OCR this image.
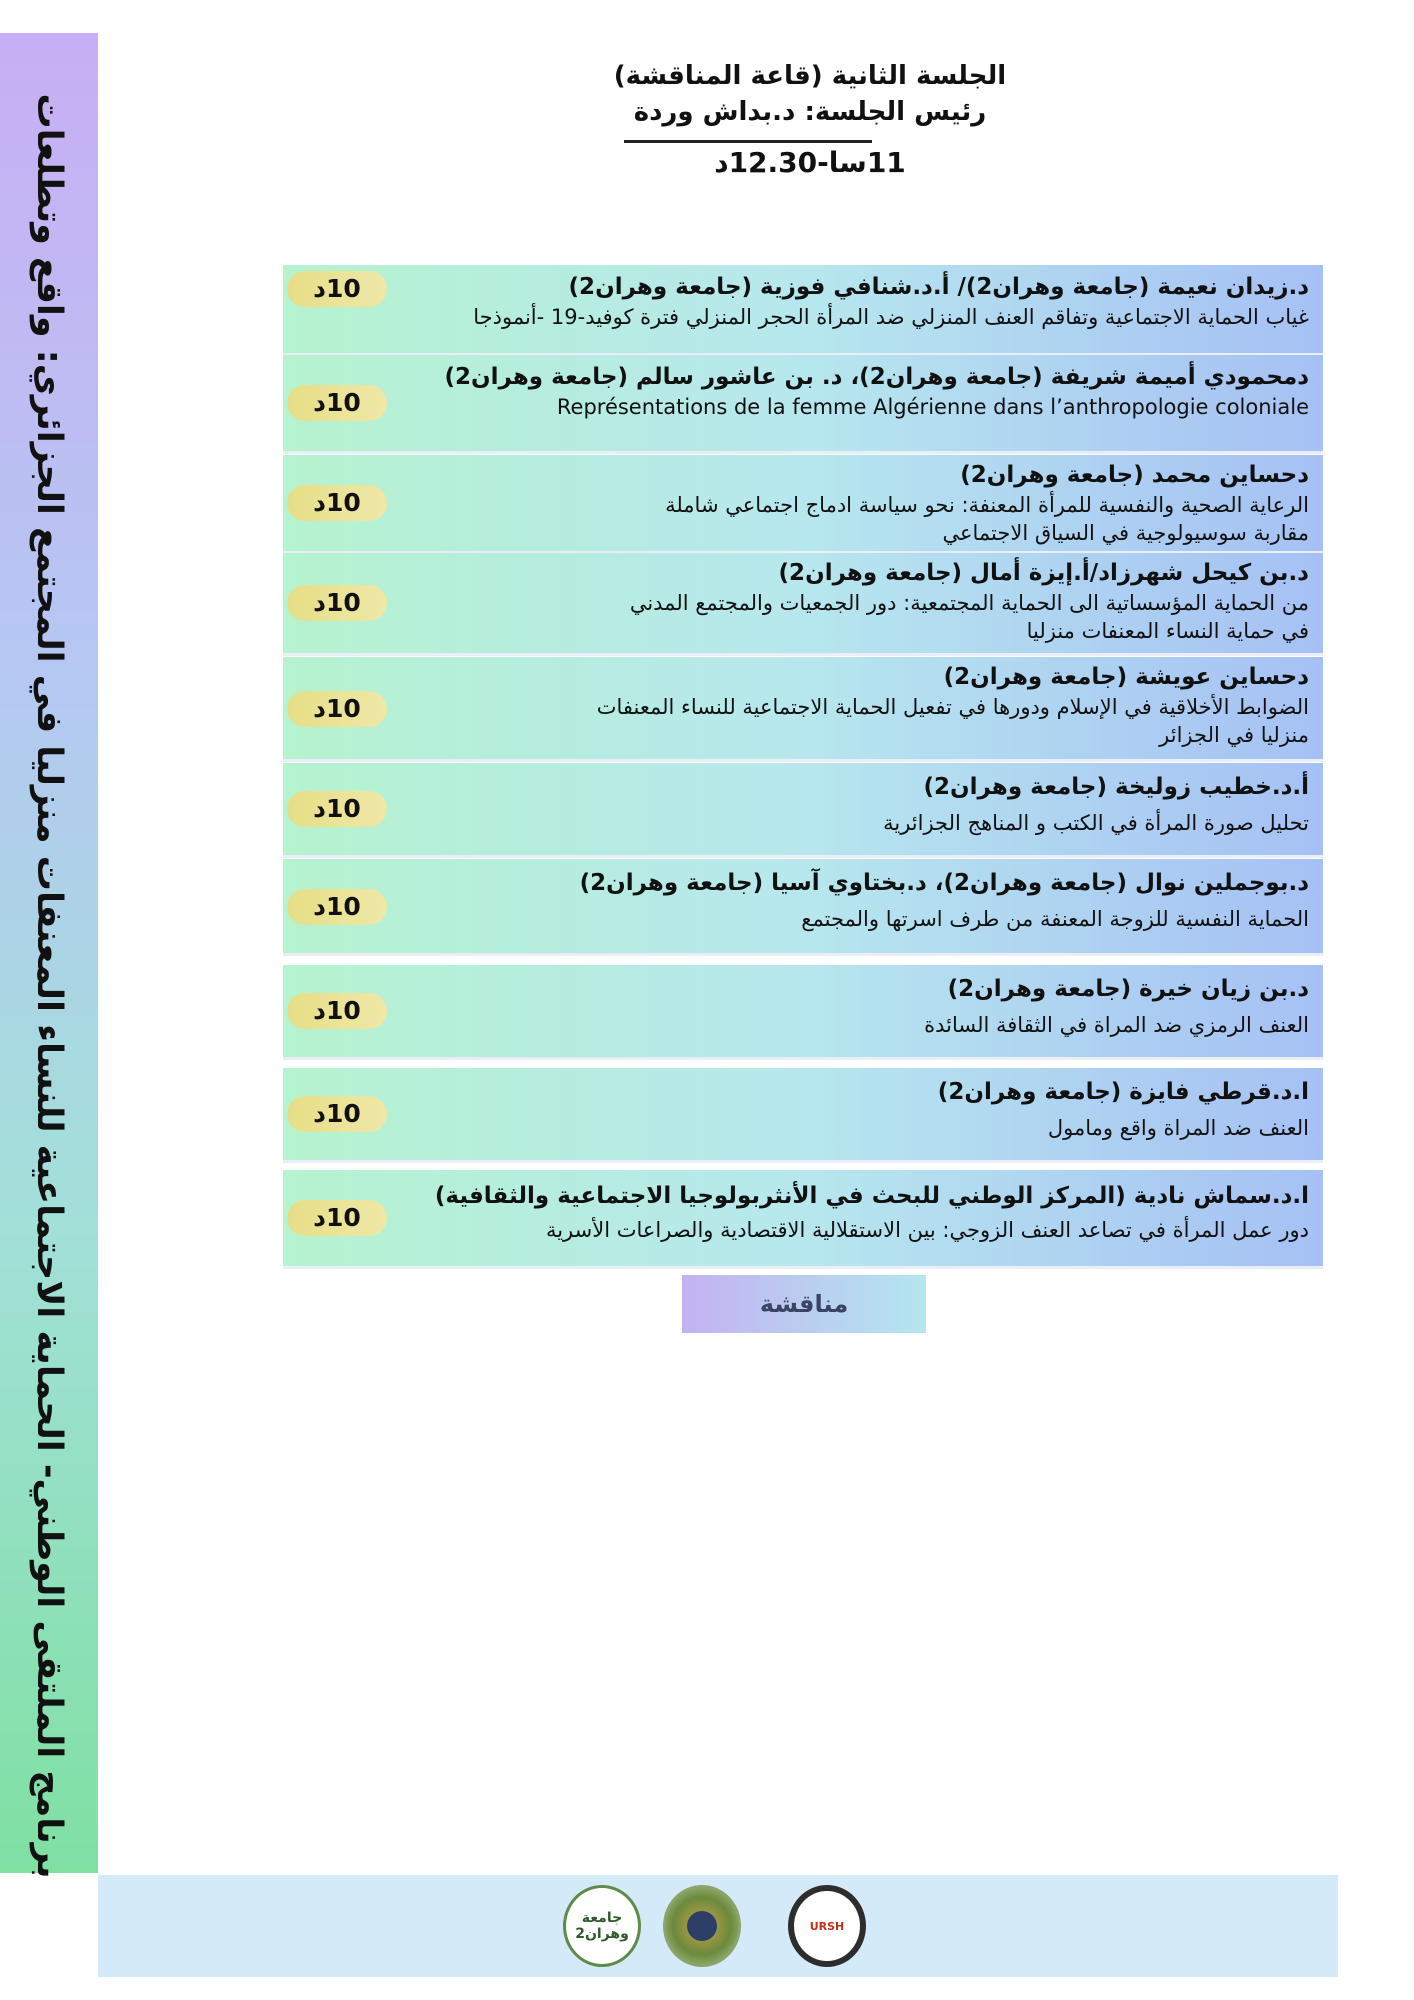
برنامج الملتقى الوطني- الحماية الاجتماعية للنساء المعنفات منزليا في المجتمع الجزائري: واقع وتطلعات
الجلسة الثانية (قاعة المناقشة)
رئيس الجلسة: د.بداش وردة
11سا-12.30د
10د	د.زيدان نعيمة (جامعة وهران2)/ أ.د.شنافي فوزية (جامعة وهران2)
غياب الحماية الاجتماعية وتفاقم العنف المنزلي ضد المرأة الحجر المنزلي فترة كوفيد-19 -أنموذجا
10د
دمحمودي أميمة شريفة (جامعة وهران2)، د. بن عاشور سالم (جامعة وهران2)
Représentations de la femme Algérienne dans l’anthropologie coloniale
10د
دحساين محمد (جامعة وهران2)
الرعاية الصحية والنفسية للمرأة المعنفة: نحو سياسة ادماج اجتماعي شاملة
مقاربة سوسيولوجية في السياق الاجتماعي
10د
د.بن كيحل شهرزاد/أ.إيزة أمال (جامعة وهران2)
من الحماية المؤسساتية الى الحماية المجتمعية: دور الجمعيات والمجتمع المدني
في حماية النساء المعنفات منزليا
10د
دحساين عويشة (جامعة وهران2)
الضوابط الأخلاقية في الإسلام ودورها في تفعيل الحماية الاجتماعية للنساء المعنفات
منزليا في الجزائر
10د
أ.د.خطيب زوليخة (جامعة وهران2)
تحليل صورة المرأة في الكتب و المناهج الجزائرية
10د
د.بوجملين نوال (جامعة وهران2)، د.بختاوي آسيا (جامعة وهران2)
الحماية النفسية للزوجة المعنفة من طرف اسرتها والمجتمع
10د
د.بن زيان خيرة (جامعة وهران2)
العنف الرمزي ضد المراة في الثقافة السائدة
10د
ا.د.قرطي فايزة (جامعة وهران2)
العنف ضد المراة واقع ومامول
10د
ا.د.سماش نادية (المركز الوطني للبحث في الأنثربولوجيا الاجتماعية والثقافية)
دور عمل المرأة في تصاعد العنف الزوجي: بين الاستقلالية الاقتصادية والصراعات الأسرية
مناقشة
URSH
جامعة وهران2
